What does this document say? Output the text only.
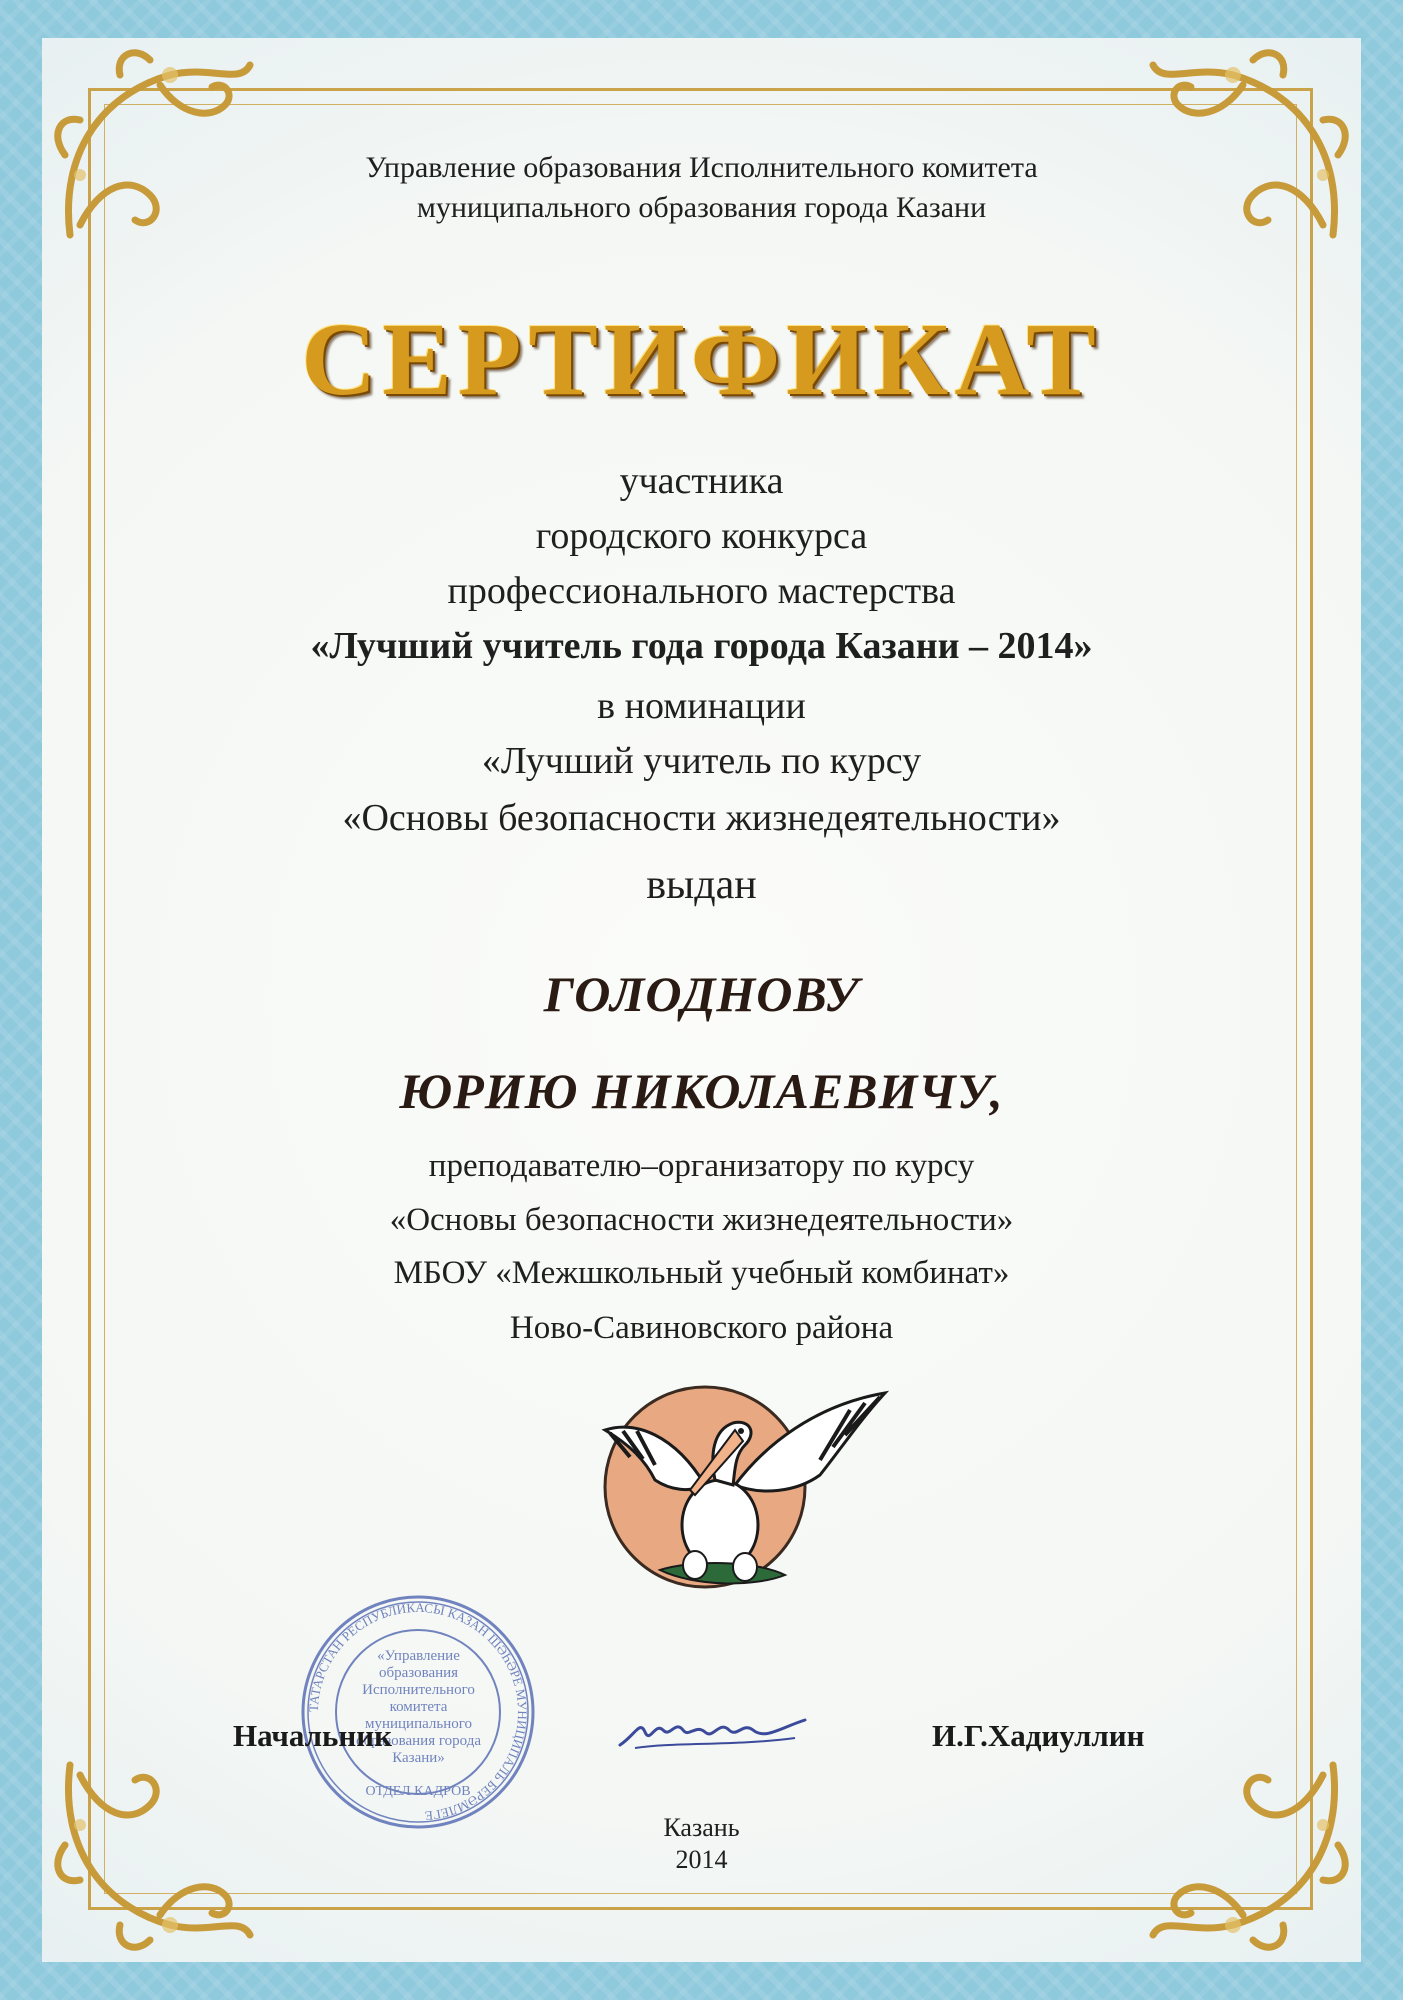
Управление образования Исполнительного комитета
муниципального образования города Казани
СЕРТИФИКАТ
участника
городского конкурса
профессионального мастерства
«Лучший учитель года города Казани – 2014»
в номинации
«Лучший учитель по курсу
«Основы безопасности жизнедеятельности»
выдан
ГОЛОДНОВУ
ЮРИЮ НИКОЛАЕВИЧУ,
преподавателю–организатору по курсу
«Основы безопасности жизнедеятельности»
МБОУ «Межшкольный учебный комбинат»
Ново-Савиновского района
ТАТАРСТАН РЕСПУБЛИКАСЫ КАЗАН ШӘҺӘРЕ МУНИЦИПАЛЬ БЕРӘМЛЕГЕ
«Управление образования Исполнительного комитета муниципального образования города Казани»
ОТДЕЛ КАДРОВ
Начальник	И.Г.Хадиуллин
Казань
2014
